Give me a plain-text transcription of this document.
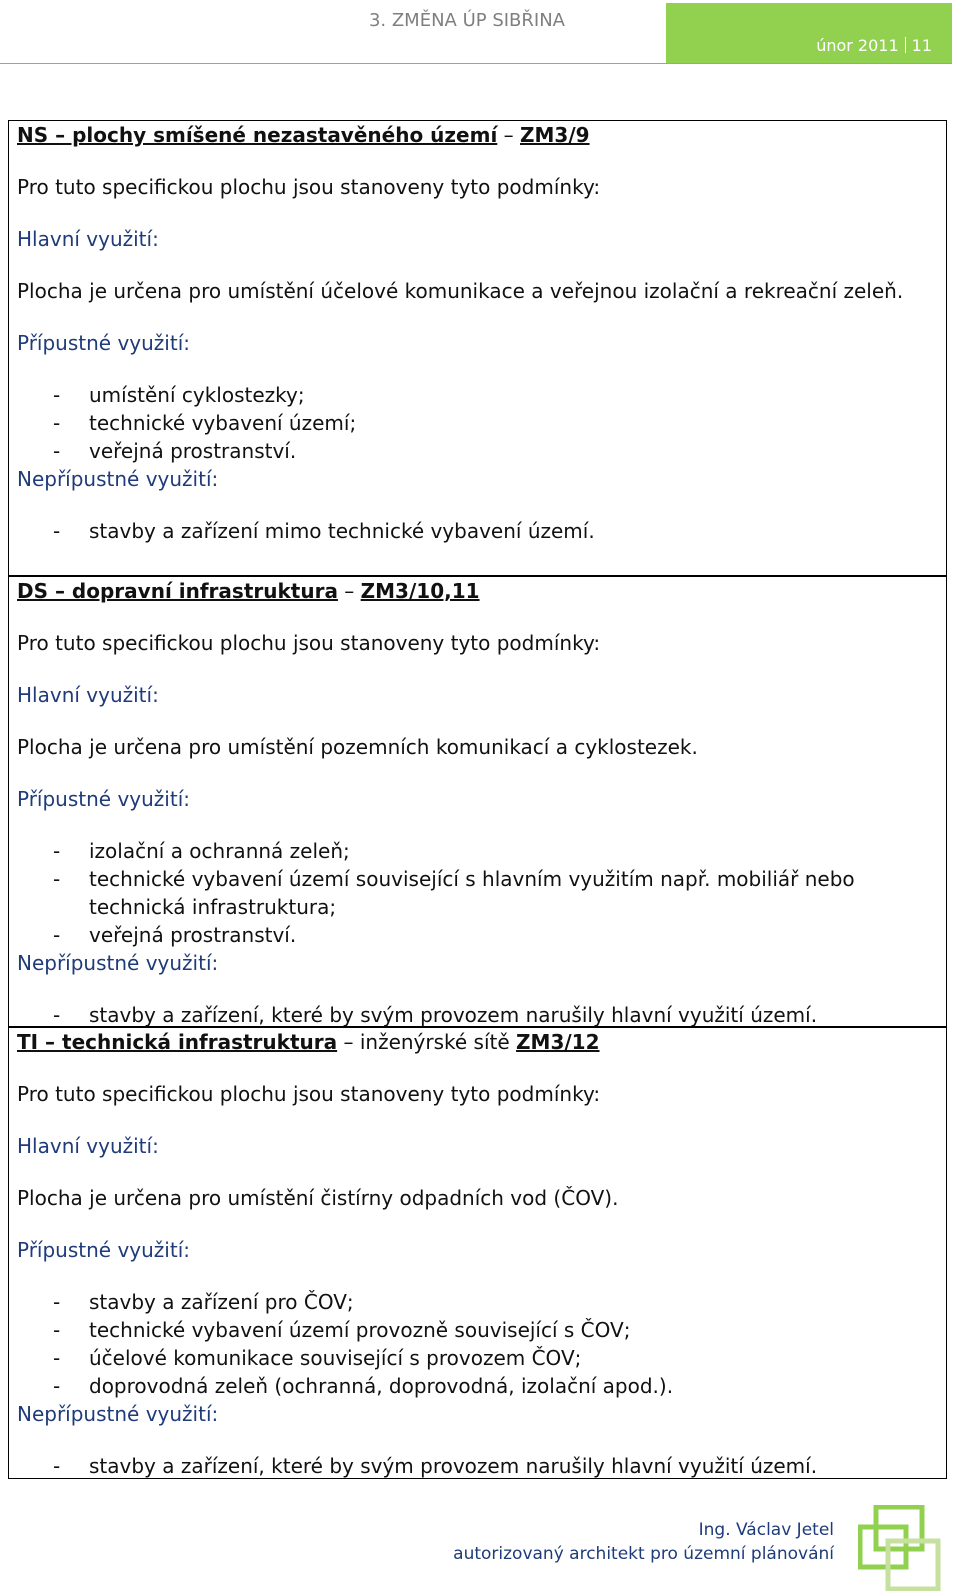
3. ZMĚNA ÚP SIBŘINA
únor 2011 11

NS – plochy smíšené nezastavěného území – ZM3/9

Pro tuto specifickou plochu jsou stanoveny tyto podmínky:

Hlavní využití:

Plocha je určena pro umístění účelové komunikace a veřejnou izolační a rekreační zeleň.

Přípustné využití:

- umístění cyklostezky;
- technické vybavení území;
- veřejná prostranství.

Nepřípustné využití:

- stavby a zařízení mimo technické vybavení území.

DS – dopravní infrastruktura – ZM3/10,11

Pro tuto specifickou plochu jsou stanoveny tyto podmínky:

Hlavní využití:

Plocha je určena pro umístění pozemních komunikací a cyklostezek.

Přípustné využití:

- izolační a ochranná zeleň;
- technické vybavení území související s hlavním využitím např. mobiliář nebo technická infrastruktura;
- veřejná prostranství.

Nepřípustné využití:

- stavby a zařízení, které by svým provozem narušily hlavní využití území.

TI – technická infrastruktura – inženýrské sítě ZM3/12

Pro tuto specifickou plochu jsou stanoveny tyto podmínky:

Hlavní využití:

Plocha je určena pro umístění čistírny odpadních vod (ČOV).

Přípustné využití:

- stavby a zařízení pro ČOV;
- technické vybavení území provozně související s ČOV;
- účelové komunikace související s provozem ČOV;
- doprovodná zeleň (ochranná, doprovodná, izolační apod.).

Nepřípustné využití:

- stavby a zařízení, které by svým provozem narušily hlavní využití území.
Ing. Václav Jetel
autorizovaný architekt pro územní plánování
